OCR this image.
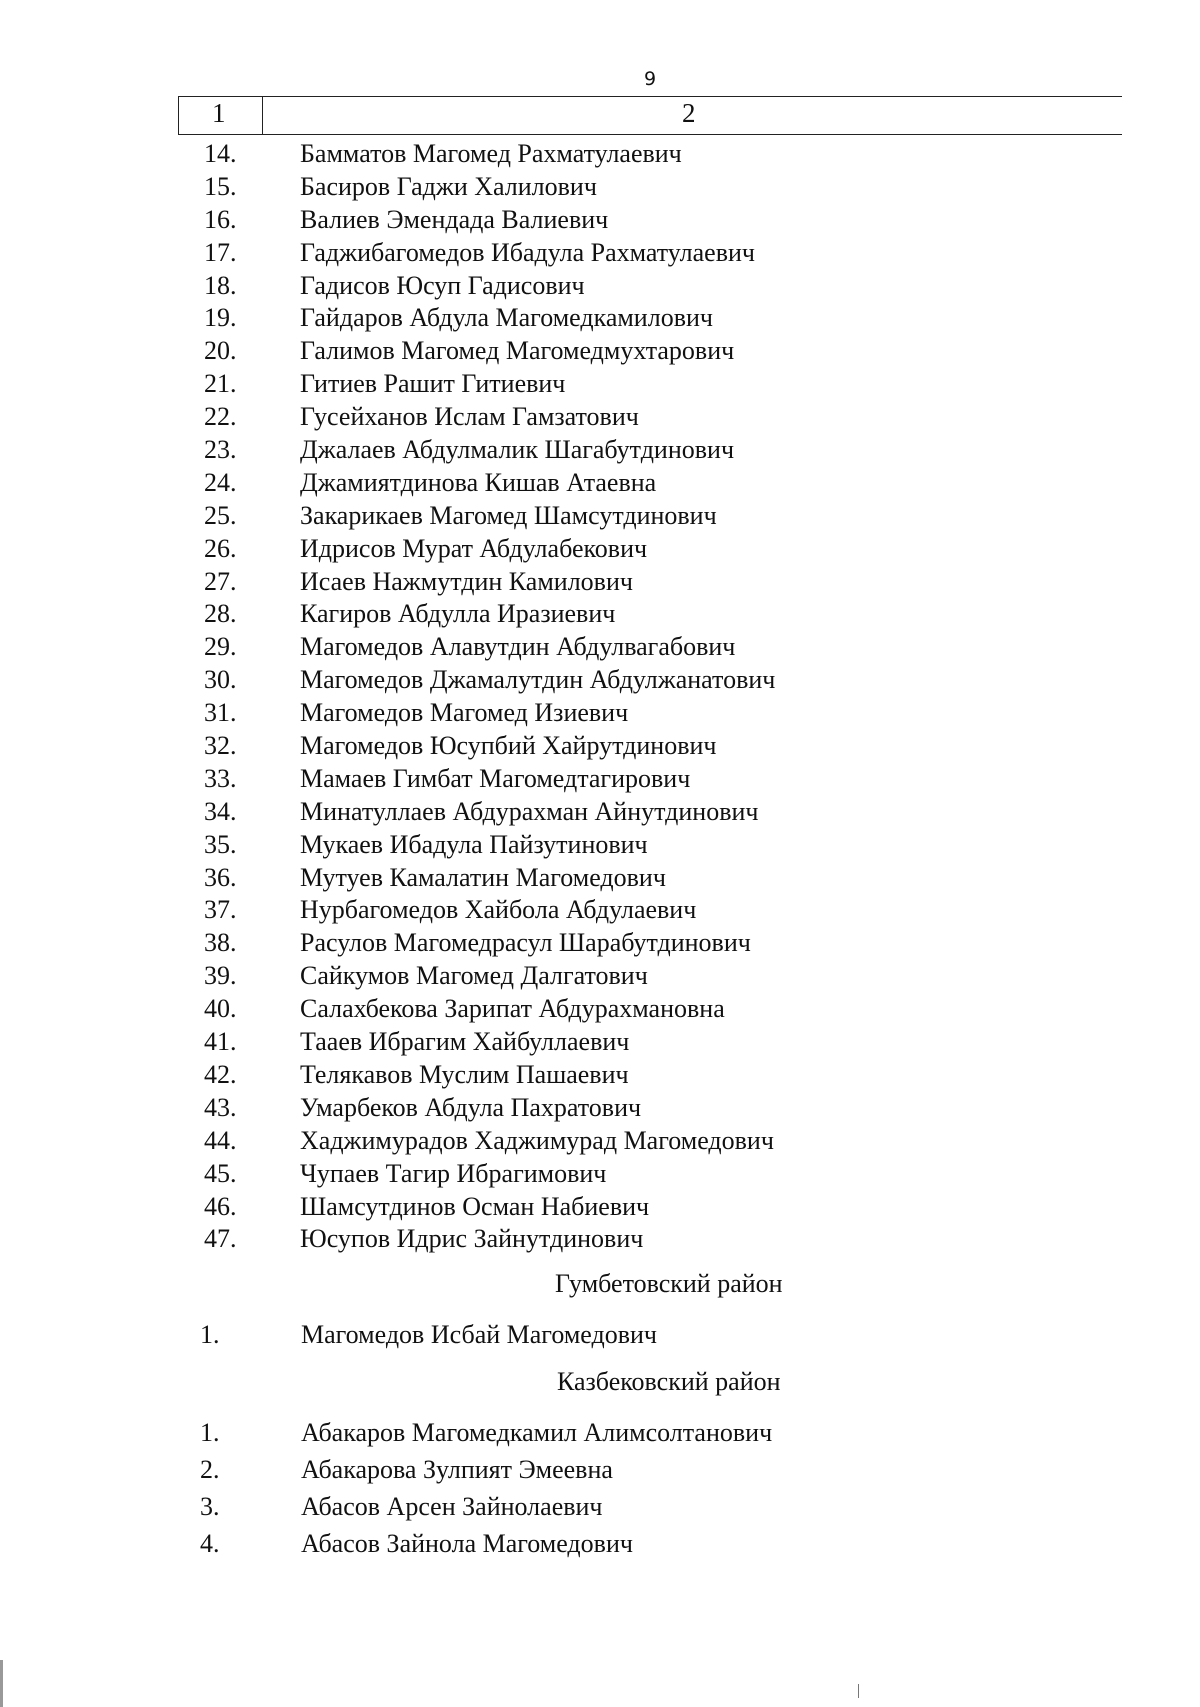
9
1	2
14. Бамматов Магомед Рахматулаевич
15. Басиров Гаджи Халилович
16. Валиев Эмендада Валиевич
17. Гаджибагомедов Ибадула Рахматулаевич
18. Гадисов Юсуп Гадисович
19. Гайдаров Абдула Магомедкамилович
20. Галимов Магомед Магомедмухтарович
21. Гитиев Рашит Гитиевич
22. Гусейханов Ислам Гамзатович
23. Джалаев Абдулмалик Шагабутдинович
24. Джамиятдинова Кишав Атаевна
25. Закарикаев Магомед Шамсутдинович
26. Идрисов Мурат Абдулабекович
27. Исаев Нажмутдин Камилович
28. Кагиров Абдулла Иразиевич
29. Магомедов Алавутдин Абдулвагабович
30. Магомедов Джамалутдин Абдулжанатович
31. Магомедов Магомед Изиевич
32. Магомедов Юсупбий Хайрутдинович
33. Мамаев Гимбат Магомедтагирович
34. Минатуллаев Абдурахман Айнутдинович
35. Мукаев Ибадула Пайзутинович
36. Мутуев Камалатин Магомедович
37. Нурбагомедов Хайбола Абдулаевич
38. Расулов Магомедрасул Шарабутдинович
39. Сайкумов Магомед Далгатович
40. Салахбекова Зарипат Абдурахмановна
41. Тааев Ибрагим Хайбуллаевич
42. Телякавов Муслим Пашаевич
43. Умарбеков Абдула Пахратович
44. Хаджимурадов Хаджимурад Магомедович
45. Чупаев Тагир Ибрагимович
46. Шамсутдинов Осман Набиевич
47. Юсупов Идрис Зайнутдинович
Гумбетовский район
1.	Магомедов Исбай Магомедович
Казбековский район
1.	Абакаров Магомедкамил Алимсолтанович
2.	Абакарова Зулпият Эмеевна
3.	Абасов Арсен Зайнолаевич
4.	Абасов Зайнола Магомедович
